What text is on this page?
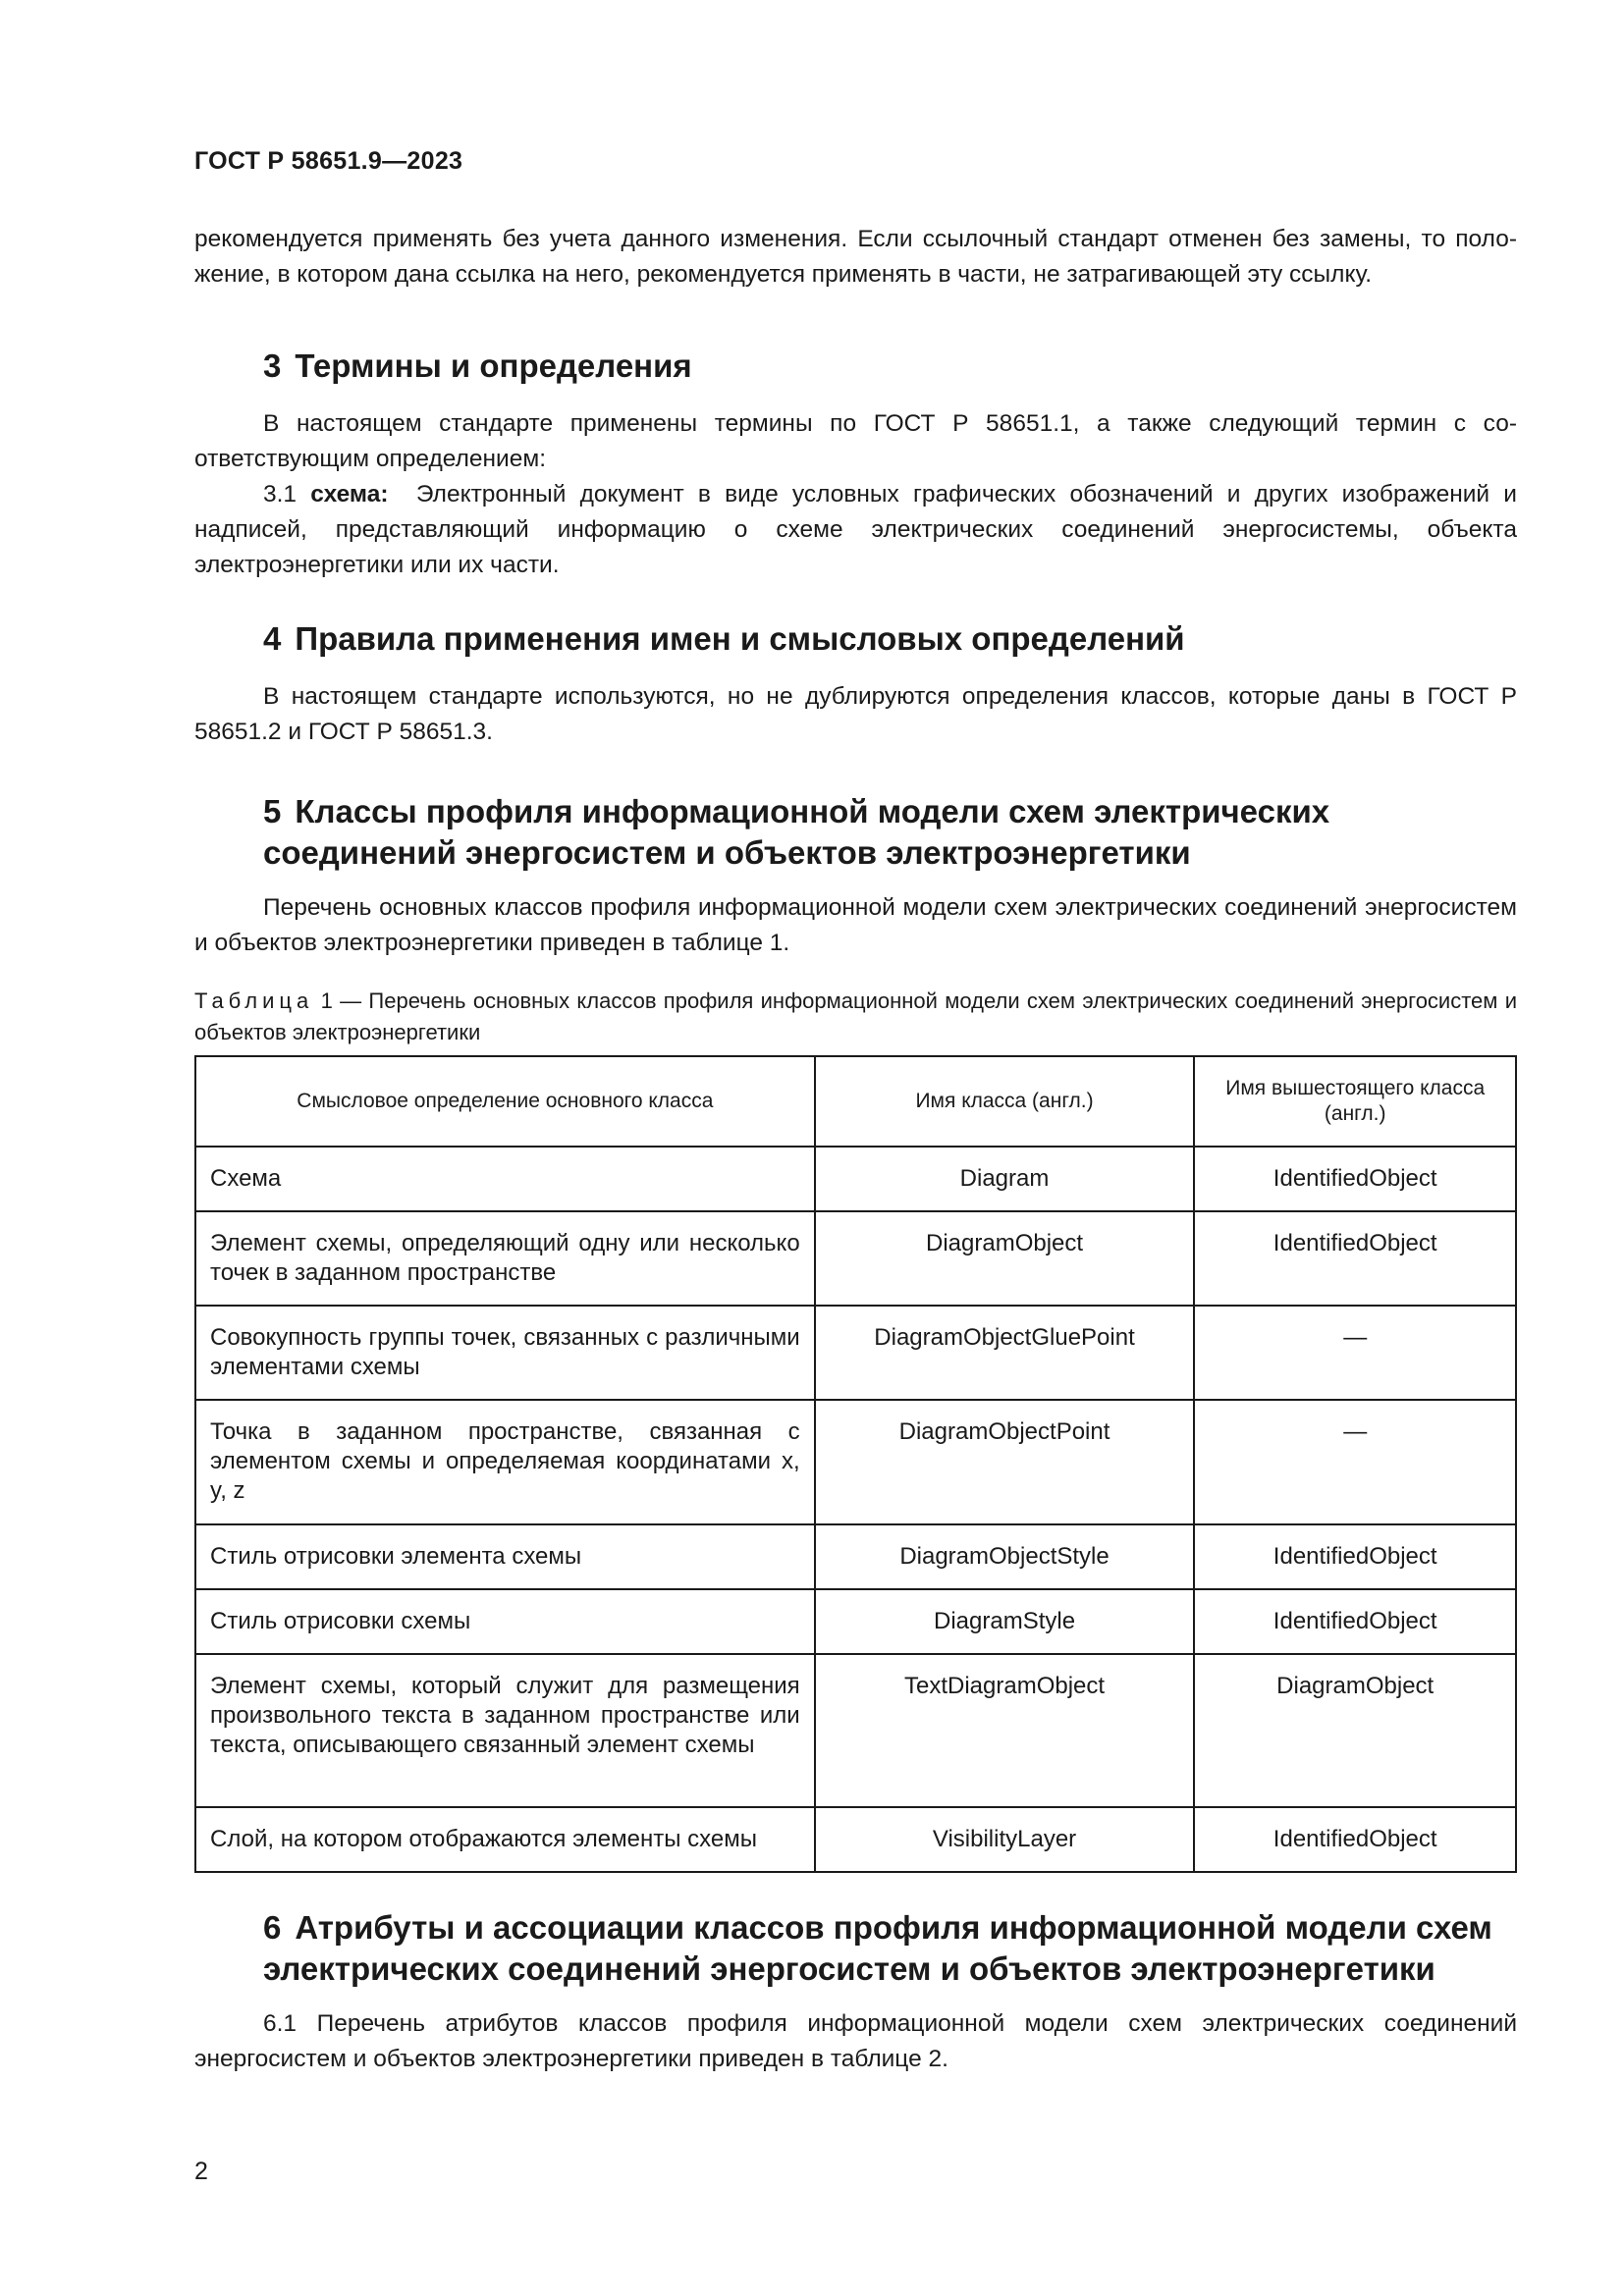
ГОСТ Р 58651.9—2023
рекомендуется применять без учета данного изменения. Если ссылочный стандарт отменен без замены, то положение, в котором дана ссылка на него, рекомендуется применять в части, не затрагивающей эту ссылку.
3 Термины и определения
В настоящем стандарте применены термины по ГОСТ Р 58651.1, а также следующий термин с соответствующим определением:
3.1 схема: Электронный документ в виде условных графических обозначений и других изображений и надписей, представляющий информацию о схеме электрических соединений энергосистемы, объекта электроэнергетики или их части.
4 Правила применения имен и смысловых определений
В настоящем стандарте используются, но не дублируются определения классов, которые даны в ГОСТ Р 58651.2 и ГОСТ Р 58651.3.
5 Классы профиля информационной модели схем электрических
соединений энергосистем и объектов электроэнергетики
Перечень основных классов профиля информационной модели схем электрических соединений энергосистем и объектов электроэнергетики приведен в таблице 1.
Таблица 1 — Перечень основных классов профиля информационной модели схем электрических соединений энергосистем и объектов электроэнергетики
Смысловое определение основного класса	Имя класса (англ.)	Имя вышестоящего класса (англ.)
Схема	Diagram	IdentifiedObject
Элемент схемы, определяющий одну или несколько точек в заданном пространстве	DiagramObject	IdentifiedObject
Совокупность группы точек, связанных с различными элементами схемы	DiagramObjectGluePoint	—
Точка в заданном пространстве, связанная с элементом схемы и определяемая координатами x, y, z	DiagramObjectPoint	—
Стиль отрисовки элемента схемы	DiagramObjectStyle	IdentifiedObject
Стиль отрисовки схемы	DiagramStyle	IdentifiedObject
Элемент схемы, который служит для размещения произвольного текста в заданном пространстве или текста, описывающего связанный элемент схемы	TextDiagramObject	DiagramObject
Слой, на котором отображаются элементы схемы	VisibilityLayer	IdentifiedObject
6 Атрибуты и ассоциации классов профиля информационной модели схем
электрических соединений энергосистем и объектов электроэнергетики
6.1 Перечень атрибутов классов профиля информационной модели схем электрических соединений энергосистем и объектов электроэнергетики приведен в таблице 2.
2
